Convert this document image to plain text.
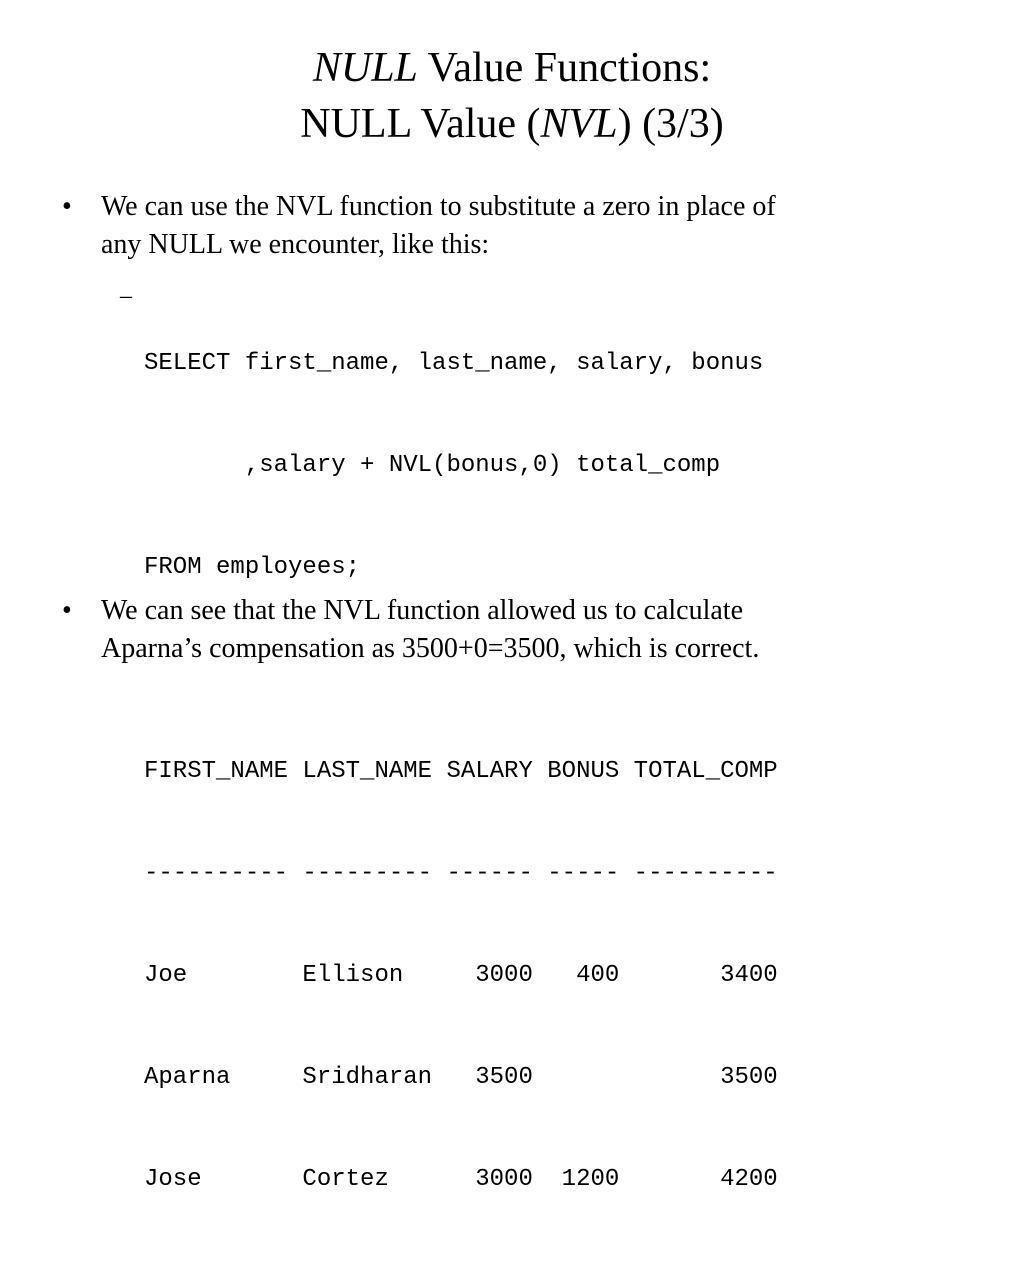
NULL Value Functions:
NULL Value (NVL) (3/3)
• We can use the NVL function to substitute a zero in place of
any NULL we encounter, like this:
–

SELECT first_name, last_name, salary, bonus

,salary + NVL(bonus,0) total_comp

FROM employees;

FIRST_NAME LAST_NAME SALARY BONUS TOTAL_COMP

---------- --------- ------ ----- ----------

Joe        Ellison     3000   400       3400

Aparna     Sridharan   3500             3500

Jose       Cortez      3000  1200       4200

• We can see that the NVL function allowed us to calculate
Aparna’s compensation as 3500+0=3500, which is correct.
